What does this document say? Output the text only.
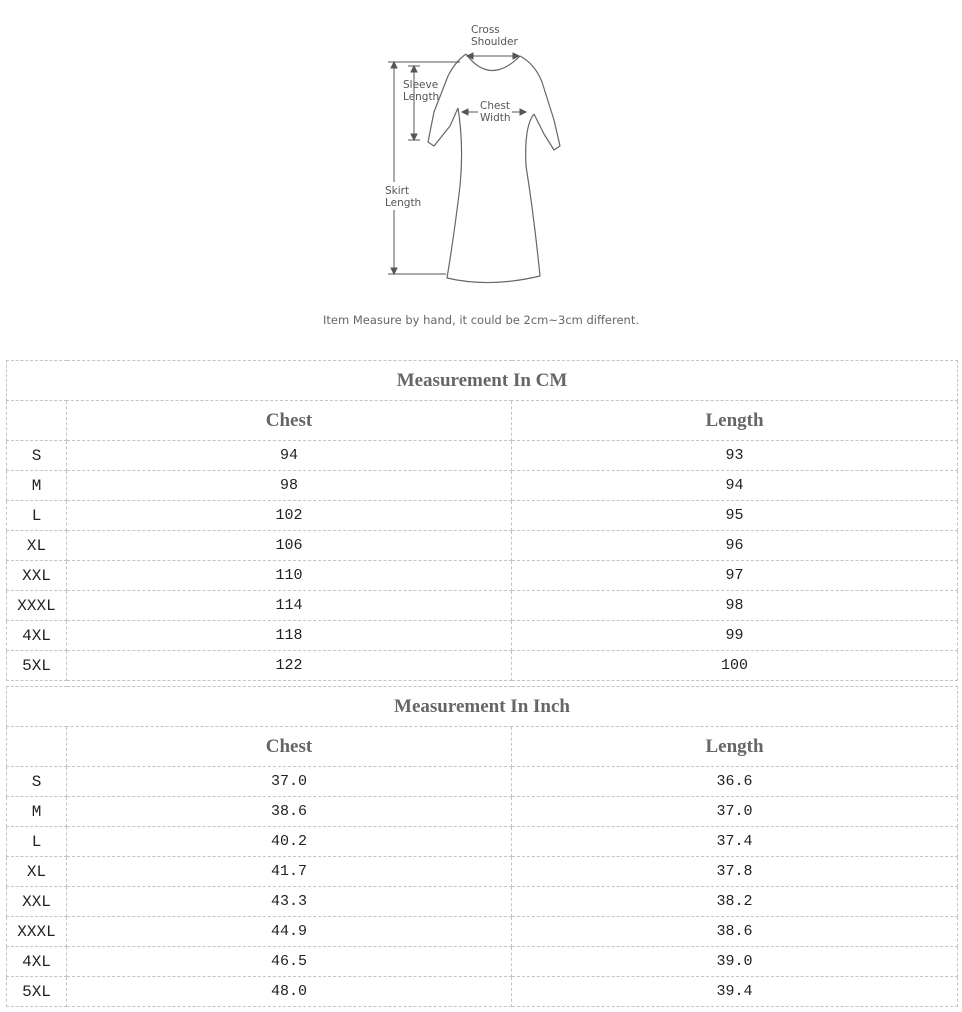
Cross
Shoulder
Sleeve
Length
Chest
Width
Skirt
Length
Item Measure by hand, it could be 2cm~3cm different.
Measurement In CM		
	Chest	Length
S	94	93
M	98	94
L	102	95
XL	106	96
XXL	110	97
XXXL	114	98
4XL	118	99
5XL	122	100
Measurement In Inch		
	Chest	Length
S	37.0	36.6
M	38.6	37.0
L	40.2	37.4
XL	41.7	37.8
XXL	43.3	38.2
XXXL	44.9	38.6
4XL	46.5	39.0
5XL	48.0	39.4
